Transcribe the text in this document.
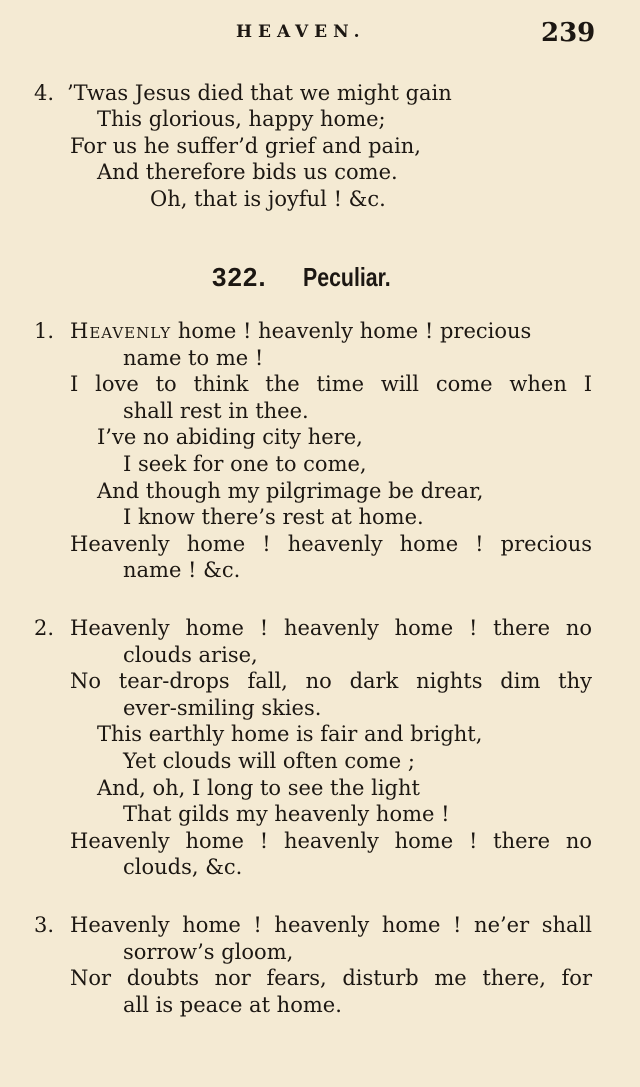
HEAVEN.	239
4. ’Twas Jesus died that we might gain
This glorious, happy home;
For us he suffer’d grief and pain,
And therefore bids us come.
Oh, that is joyful ! &c.
322. Peculiar.
1. Heavenly home ! heavenly home ! precious
name to me !
I love to think the time will come when I
shall rest in thee.
I’ve no abiding city here,
I seek for one to come,
And though my pilgrimage be drear,
I know there’s rest at home.
Heavenly home ! heavenly home ! precious
name ! &c.
2. Heavenly home ! heavenly home ! there no
clouds arise,
No tear-drops fall, no dark nights dim thy
ever-smiling skies.
This earthly home is fair and bright,
Yet clouds will often come ;
And, oh, I long to see the light
That gilds my heavenly home !
Heavenly home ! heavenly home ! there no
clouds, &c.
3. Heavenly home ! heavenly home ! ne’er shall
sorrow’s gloom,
Nor doubts nor fears, disturb me there, for
all is peace at home.
